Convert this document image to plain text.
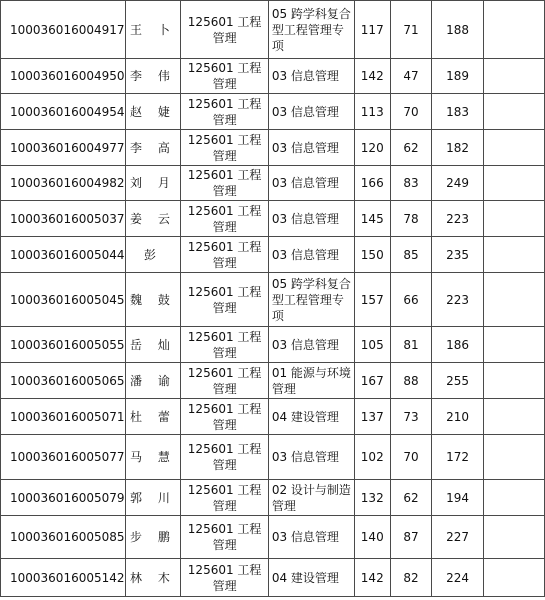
100036016004917	王 卜	125601 工程管理	05 跨学科复合型工程管理专项	117	71	188	
100036016004950	李 伟	125601 工程管理	03 信息管理	142	47	189	
100036016004954	赵 婕	125601 工程管理	03 信息管理	113	70	183	
100036016004977	李 高	125601 工程管理	03 信息管理	120	62	182	
100036016004982	刘 月	125601 工程管理	03 信息管理	166	83	249	
100036016005037	姜 云	125601 工程管理	03 信息管理	145	78	223	
100036016005044	彭	125601 工程管理	03 信息管理	150	85	235	
100036016005045	魏 鼓	125601 工程管理	05 跨学科复合型工程管理专项	157	66	223	
100036016005055	岳 灿	125601 工程管理	03 信息管理	105	81	186	
100036016005065	潘 谕	125601 工程管理	01 能源与环境管理	167	88	255	
100036016005071	杜 蕾	125601 工程管理	04 建设管理	137	73	210	
100036016005077	马 慧	125601 工程管理	03 信息管理	102	70	172	
100036016005079	郭 川	125601 工程管理	02 设计与制造管理	132	62	194	
100036016005085	步 鹏	125601 工程管理	03 信息管理	140	87	227	
100036016005142	林 木	125601 工程管理	04 建设管理	142	82	224	
